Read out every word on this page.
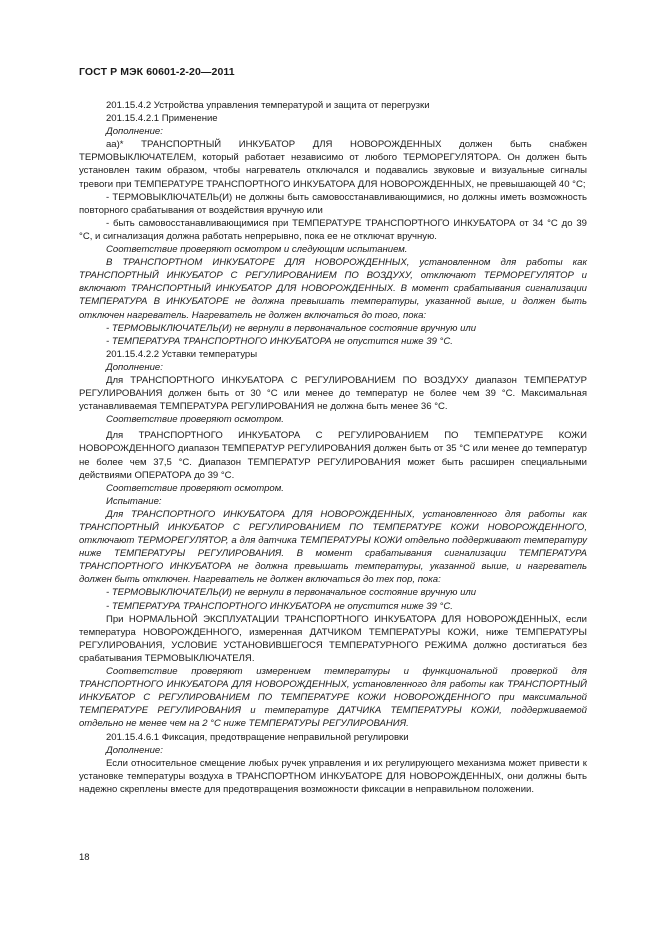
ГОСТ Р МЭК 60601-2-20—2011

201.15.4.2 Устройства управления температурой и защита от перегрузки

201.15.4.2.1 Применение

Дополнение:

аа)* ТРАНСПОРТНЫЙ ИНКУБАТОР ДЛЯ НОВОРОЖДЕННЫХ должен быть снабжен ТЕРМОВЫКЛЮЧАТЕЛЕМ, который работает независимо от любого ТЕРМОРЕГУЛЯТОРА. Он должен быть установлен таким образом, чтобы нагреватель отключался и подавались звуковые и визуальные сигналы тревоги при ТЕМПЕРАТУРЕ ТРАНСПОРТНОГО ИНКУБАТОРА ДЛЯ НОВОРОЖДЕННЫХ, не превышающей 40 °С;

- ТЕРМОВЫКЛЮЧАТЕЛЬ(И) не должны быть самовосстанавливающимися, но должны иметь возможность повторного срабатывания от воздействия вручную или

- быть самовосстанавливающимися при ТЕМПЕРАТУРЕ ТРАНСПОРТНОГО ИНКУБАТОРА от 34 °С до 39 °С, и сигнализация должна работать непрерывно, пока ее не отключат вручную.

Соответствие проверяют осмотром и следующим испытанием.

В ТРАНСПОРТНОМ ИНКУБАТОРЕ ДЛЯ НОВОРОЖДЕННЫХ, установленном для работы как ТРАНСПОРТНЫЙ ИНКУБАТОР С РЕГУЛИРОВАНИЕМ ПО ВОЗДУХУ, отключают ТЕРМОРЕГУЛЯТОР и включают ТРАНСПОРТНЫЙ ИНКУБАТОР ДЛЯ НОВОРОЖДЕННЫХ. В момент срабатывания сигнализации ТЕМПЕРАТУРА В ИНКУБАТОРЕ не должна превышать температуры, указанной выше, и должен быть отключен нагреватель. Нагреватель не должен включаться до того, пока:

- ТЕРМОВЫКЛЮЧАТЕЛЬ(И) не вернули в первоначальное состояние вручную или

- ТЕМПЕРАТУРА ТРАНСПОРТНОГО ИНКУБАТОРА не опустится ниже 39 °С.

201.15.4.2.2 Уставки температуры

Дополнение:

Для ТРАНСПОРТНОГО ИНКУБАТОРА С РЕГУЛИРОВАНИЕМ ПО ВОЗДУХУ диапазон ТЕМПЕРАТУР РЕГУЛИРОВАНИЯ должен быть от 30 °С или менее до температур не более чем 39 °С. Максимальная устанавливаемая ТЕМПЕРАТУРА РЕГУЛИРОВАНИЯ не должна быть менее 36 °С.

Соответствие проверяют осмотром.

Для ТРАНСПОРТНОГО ИНКУБАТОРА С РЕГУЛИРОВАНИЕМ ПО ТЕМПЕРАТУРЕ КОЖИ НОВОРОЖДЕННОГО диапазон ТЕМПЕРАТУР РЕГУЛИРОВАНИЯ должен быть от 35 °С или менее до температур не более чем 37,5 °С. Диапазон ТЕМПЕРАТУР РЕГУЛИРОВАНИЯ может быть расширен специальными действиями ОПЕРАТОРА до 39 °С.

Соответствие проверяют осмотром.

Испытание:

Для ТРАНСПОРТНОГО ИНКУБАТОРА ДЛЯ НОВОРОЖДЕННЫХ, установленного для работы как ТРАНСПОРТНЫЙ ИНКУБАТОР С РЕГУЛИРОВАНИЕМ ПО ТЕМПЕРАТУРЕ КОЖИ НОВОРОЖДЕННОГО, отключают ТЕРМОРЕГУЛЯТОР, а для датчика ТЕМПЕРАТУРЫ КОЖИ отдельно поддерживают температуру ниже ТЕМПЕРАТУРЫ РЕГУЛИРОВАНИЯ. В момент срабатывания сигнализации ТЕМПЕРАТУРА ТРАНСПОРТНОГО ИНКУБАТОРА не должна превышать температуры, указанной выше, и нагреватель должен быть отключен. Нагреватель не должен включаться до тех пор, пока:

- ТЕРМОВЫКЛЮЧАТЕЛЬ(И) не вернули в первоначальное состояние вручную или

- ТЕМПЕРАТУРА ТРАНСПОРТНОГО ИНКУБАТОРА не опустится ниже 39 °С.

При НОРМАЛЬНОЙ ЭКСПЛУАТАЦИИ ТРАНСПОРТНОГО ИНКУБАТОРА ДЛЯ НОВОРОЖДЕННЫХ, если температура НОВОРОЖДЕННОГО, измеренная ДАТЧИКОМ ТЕМПЕРАТУРЫ КОЖИ, ниже ТЕМПЕРАТУРЫ РЕГУЛИРОВАНИЯ, УСЛОВИЕ УСТАНОВИВШЕГОСЯ ТЕМПЕРАТУРНОГО РЕЖИМА должно достигаться без срабатывания ТЕРМОВЫКЛЮЧАТЕЛЯ.

Соответствие проверяют измерением температуры и функциональной проверкой для ТРАНСПОРТНОГО ИНКУБАТОРА ДЛЯ НОВОРОЖДЕННЫХ, установленного для работы как ТРАНСПОРТНЫЙ ИНКУБАТОР С РЕГУЛИРОВАНИЕМ ПО ТЕМПЕРАТУРЕ КОЖИ НОВОРОЖДЕННОГО при максимальной ТЕМПЕРАТУРЕ РЕГУЛИРОВАНИЯ и температуре ДАТЧИКА ТЕМПЕРАТУРЫ КОЖИ, поддерживаемой отдельно не менее чем на 2 °С ниже ТЕМПЕРАТУРЫ РЕГУЛИРОВАНИЯ.

201.15.4.6.1 Фиксация, предотвращение неправильной регулировки

Дополнение:

Если относительное смещение любых ручек управления и их регулирующего механизма может привести к установке температуры воздуха в ТРАНСПОРТНОМ ИНКУБАТОРЕ ДЛЯ НОВОРОЖДЕННЫХ, они должны быть надежно скреплены вместе для предотвращения возможности фиксации в неправильном положении.

18
